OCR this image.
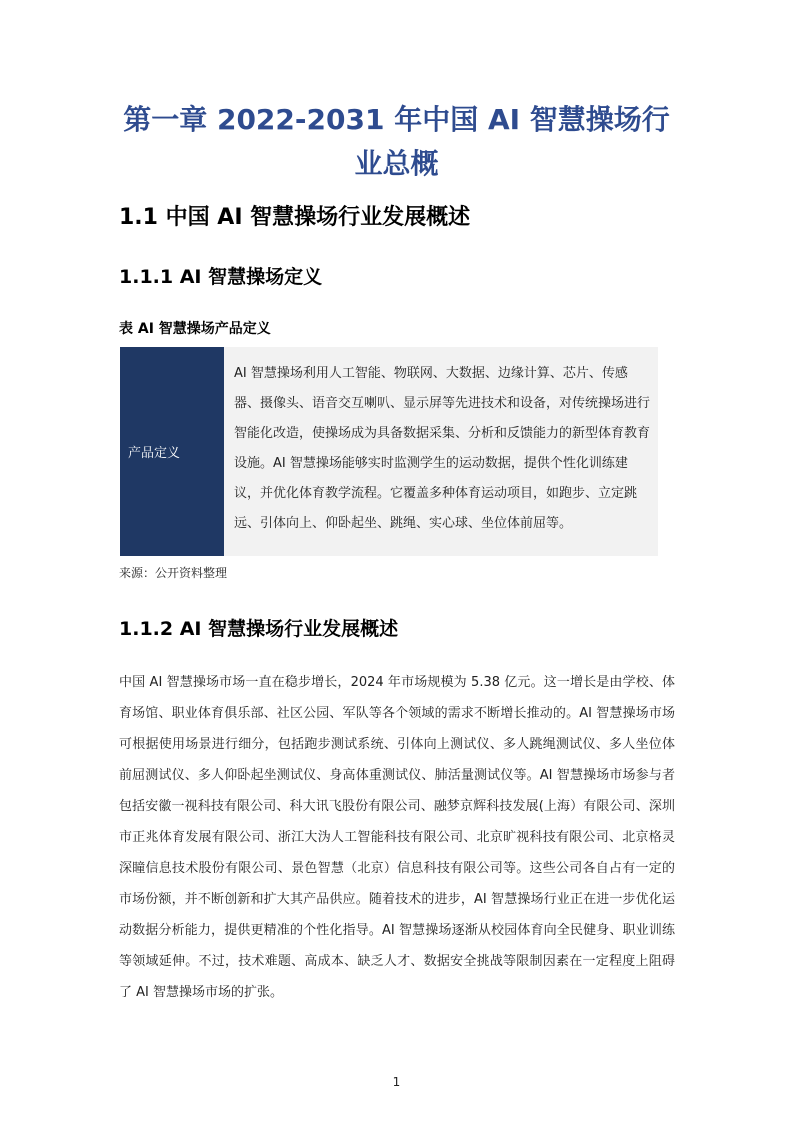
第一章 2022-2031 年中国 AI 智慧操场行业总概
1.1 中国 AI 智慧操场行业发展概述
1.1.1 AI 智慧操场定义

表 AI 智慧操场产品定义

产品定义
AI 智慧操场利用人工智能、物联网、大数据、边缘计算、芯片、传感器、摄像头、语音交互喇叭、显示屏等先进技术和设备，对传统操场进行智能化改造，使操场成为具备数据采集、分析和反馈能力的新型体育教育设施。AI 智慧操场能够实时监测学生的运动数据，提供个性化训练建议，并优化体育教学流程。它覆盖多种体育运动项目，如跑步、立定跳远、引体向上、仰卧起坐、跳绳、实心球、坐位体前屈等。

来源：公开资料整理

1.1.2 AI 智慧操场行业发展概述

中国 AI 智慧操场市场一直在稳步增长，2024 年市场规模为 5.38 亿元。这一增长是由学校、体育场馆、职业体育俱乐部、社区公园、军队等各个领域的需求不断增长推动的。AI 智慧操场市场可根据使用场景进行细分，包括跑步测试系统、引体向上测试仪、多人跳绳测试仪、多人坐位体前屈测试仪、多人仰卧起坐测试仪、身高体重测试仪、肺活量测试仪等。AI 智慧操场市场参与者包括安徽一视科技有限公司、科大讯飞股份有限公司、融梦京辉科技发展(上海）有限公司、深圳市正兆体育发展有限公司、浙江大沩人工智能科技有限公司、北京旷视科技有限公司、北京格灵深瞳信息技术股份有限公司、景色智慧（北京）信息科技有限公司等。这些公司各自占有一定的市场份额，并不断创新和扩大其产品供应。随着技术的进步，AI 智慧操场行业正在进一步优化运动数据分析能力，提供更精准的个性化指导。AI 智慧操场逐渐从校园体育向全民健身、职业训练等领域延伸。不过，技术难题、高成本、缺乏人才、数据安全挑战等限制因素在一定程度上阻碍了 AI 智慧操场市场的扩张。

1
